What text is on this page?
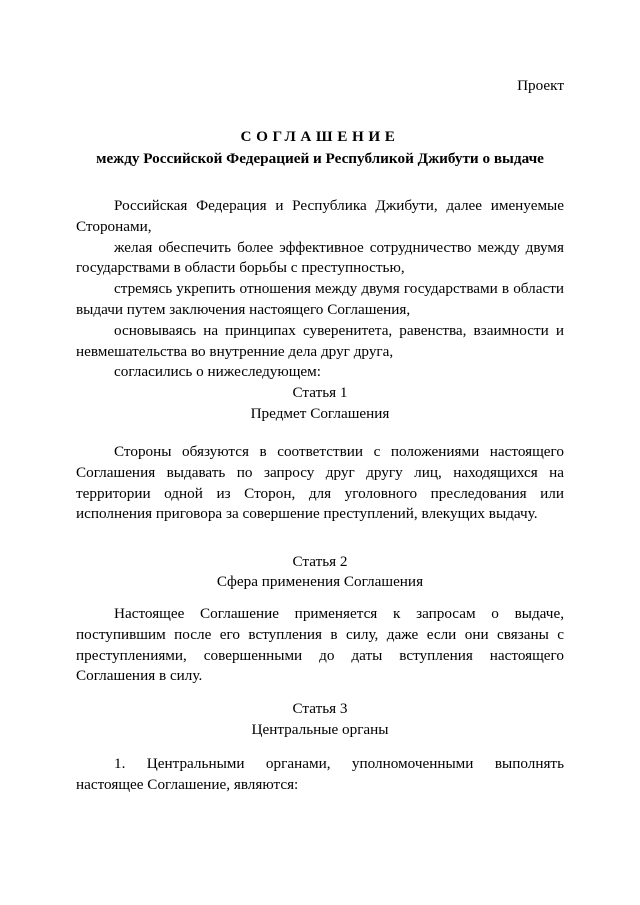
Проект
СОГЛАШЕНИЕ
между Российской Федерацией и Республикой Джибути о выдаче

Российская Федерация и Республика Джибути, далее именуемые Сторонами,

желая обеспечить более эффективное сотрудничество между двумя государствами в области борьбы с преступностью,

стремясь укрепить отношения между двумя государствами в области выдачи путем заключения настоящего Соглашения,

основываясь на принципах суверенитета, равенства, взаимности и невмешательства во внутренние дела друг друга,

согласились о нижеследующем:

Статья 1
Предмет Соглашения

Стороны обязуются в соответствии с положениями настоящего Соглашения выдавать по запросу друг другу лиц, находящихся на территории одной из Сторон, для уголовного преследования или исполнения приговора за совершение преступлений, влекущих выдачу.

Статья 2
Сфера применения Соглашения

Настоящее Соглашение применяется к запросам о выдаче, поступившим после его вступления в силу, даже если они связаны с преступлениями, совершенными до даты вступления настоящего Соглашения в силу.

Статья 3
Центральные органы

1. Центральными органами, уполномоченными выполнять настоящее Соглашение, являются:
